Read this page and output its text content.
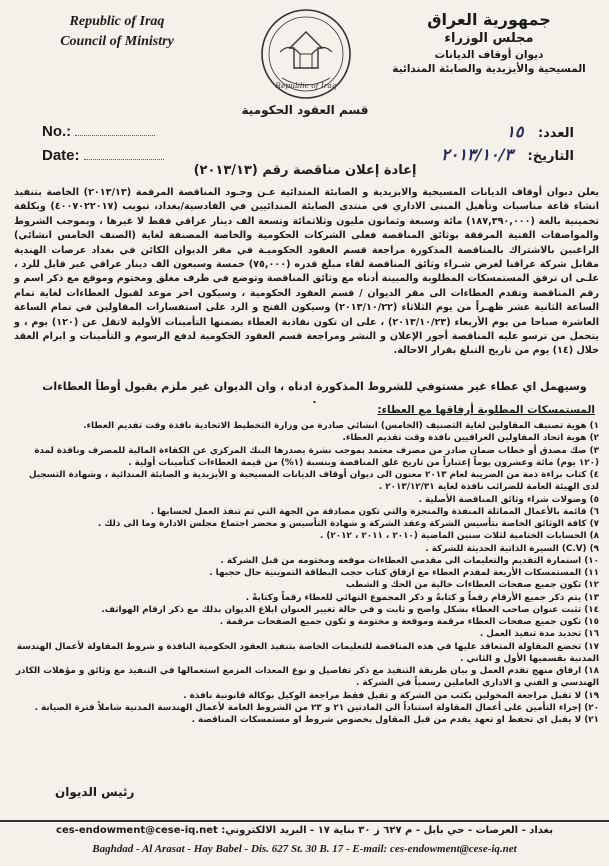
Republic of Iraq
Council of Ministry
Republic of Iraq
جمهورية العراق
مجلس الوزراء
ديوان أوقاف الديانات
المسيحية والأيزيدية والصابئة المندائية
قسم العقود الحكومية
No.:
Date:
العدد: ١٥
التاريخ: ٢٠١٣/١٠/٣
إعادة إعلان مناقصة رقم (٢٠١٣/١٣)
يعلن ديوان أوقاف الديانات المسيحية والايزيدية و الصابئة المندائية عـن وجـود المناقصة المرقمة (٢٠١٣/١٣) الخاصة بتنفيذ انشاء قاعة مناسبات وتأهيل المبنى الاداري في منتدى الصابئة المندائيين في القادسية/بغداد، تبويب (٤٠٠٧٠٢٢٠١٧) وبكلفة تخمينية بالغة (١٨٧,٣٩٠,٠٠٠) مائة وسبعة وثمانون مليون وثلاثمائة وتسعة الف دينار عراقي فقط لا غيرها ، وبموجب الشروط والمواصفات الفنية المرفقة بوثائق المناقصة فعلى الشركات الحكومية والخاصة المصنفة لغاية (الصنف الخامس انشائي) الراغبين بالاشتراك بالمناقصة المذكورة مراجعة قسم العقود الحكوميـة في مقر الديوان الكائن في بغداد عرصات الهندية مقابل شركة عراقنا لغرض شـراء وثائق المناقصة لقاء مبلغ قدره (٧٥,٠٠٠) خمسة وسبعون الف دينار عراقي غير قابل للرد ، علـى ان ترفق المستمسكات المطلوبة والمبينة أدناه مع وثائق المناقصة وتوضع في ظرف مغلق ومختوم وموقع مع ذكر اسم و رقم المناقصة وتقدم العطاءات الى مقر الديوان / قسم العقود الحكومية ، وسيكون اخر موعد لقبول العطاءات لغاية تمام الساعة الثانية عشر ظهـراً من يوم الثلاثاء (٢٠١٣/١٠/٢٢) وسيكون الفتح و الرد على استفسارات المقاولين في تمام الساعة العاشرة صباحا من يوم الأربعاء (٢٠١٣/١٠/٢٣) ، على ان تكون نفاذية العطاء بضمنها التأمينات الأولية لاتقل عن (١٢٠) يوم ، و يتحمل من ترسو عليه المناقصة أجور الإعلان و النشر ومراجعة قسم العقود الحكومية لدفع الرسوم و التأمينات و ابرام العقد خلال (١٤) يوم من تاريخ التبلغ بقرار الاحالة.
وسيهمل اي عطاء غير مستوفي للشروط المذكورة ادناه ، وان الديوان غير ملزم بقبول أوطأ العطاءات .
المستمسكات المطلوبة أرفاقها مع العطاء:
١) هوية تصنيف المقاولين لغاية التصنيف (الخامس) انشائي صادرة من وزارة التخطيط الاتحادية نافذة وقت تقديم العطاء.
٢) هوية اتحاد المقاولين العراقيين نافذة وقت تقديم العطاء.
٣) صك مصدق أو خطاب ضمان صادر من مصرف معتمد بموجب نشرة يصدرها البنك المركزي عن الكفاءة المالية للمصرف ونافذة لمدة (١٢٠ يوم) مائة وعشرون يوماً إعتباراً من تاريخ غلق المناقصة وبنسبة (١%) من قيمة العطاءات كتأمينات أولية .
٤) كتاب براءة ذمة من الضريبة لعام ٢٠١٣ معنون الى ديوان أوقاف الديانات المسيحية و الأيزيدية و الصابئة المندائية ، وشهادة التسجيل لدى الهيئة العامة للضرائب نافذة لغاية ٢٠١٣/١٢/٣١ .
٥) وصولات شراء وثائق المناقصة الأصلية .
٦) قائمة بالأعمال المماثلة المنفذة والمنجزة والتي تكون مصادقة من الجهة التي تم تنفذ العمل لحسابها .
٧) كافة الوثائق الخاصة بتأسيس الشركة وعقد الشركة و شهادة التأسيس و محضر اجتماع مجلس الادارة وما الى ذلك .
٨) الحسابات الختامية لثلاث سنين الماضية (٢٠١٠ ، ٢٠١١ ، ٢٠١٢) .
٩) (C.V) السيرة الذاتية الحديثة للشركة .
١٠) استمارة التقديم والتعليمات الى مقدمي العطاءات موقعه ومختومه من قبل الشركة .
١١) المستمسكات الأربعة لمقدم العطاء مع ارفاق كتاب حجب البطاقة التموينية حال حجبها .
١٢) تكون جميع صفحات العطاءات خالية من الحك و الشطب
١٣) يتم ذكر جميع الأرقام رقماً و كتابةً و ذكر المجموع النهائي للعطاء رقماً وكتابةً .
١٤) تثبت عنوان صاحب العطاء بشكل واضح و ثابت و في حالة تغيير العنوان ابلاغ الديوان بذلك مع ذكر ارقام الهواتف.
١٥) تكون جميع صفحات العطاء مرقمة وموقعة و مختومة و تكون جميع الصفحات مرقمة .
١٦) تحديد مدة تنفيذ العمل .
١٧) تخضع المقاولة المتعاقد عليها في هذه المناقصة للتعليمات الخاصة بتنفيذ العقود الحكومية النافذة و شروط المقاولة لأعمال الهندسة المدنية بقسميها الأول و الثاني .
١٨) ارفاق منهج تقدم العمل و بيان طريقة التنفيذ مع ذكر تفاصيل و نوع المعدات المزمع استعمالها في التنفيذ مع وثائق و مؤهلات الكادر الهندسي و الفني و الاداري العاملين رسمياً في الشركة .
١٩) لا تقبل مراجعة المخولين بكتب من الشركة و تقبل فقط مراجعة الوكيل بوكالة قانونية نافذة .
٢٠) إجراء التأمين على أعمال المقاولة استناداً الى المادتين ٢١ و ٢٣ من الشروط العامة لأعمال الهندسة المدنية شاملاً فترة الصيانة .
٢١) لا يقبل اي تحفظ او تعهد يقدم من قبل المقاول بخصوص شروط او مستمسكات المناقصة .
رئيس الديوان
بغداد - العرصات - حي بابل - م ٦٢٧ ز ٣٠ بناية ١٧ - البريد الالكتروني: ces-endowment@cese-iq.net
Baghdad - Al Arasat - Hay Babel - Dis. 627 St. 30 B. 17 - E-mail: ces-endowment@cese-iq.net
